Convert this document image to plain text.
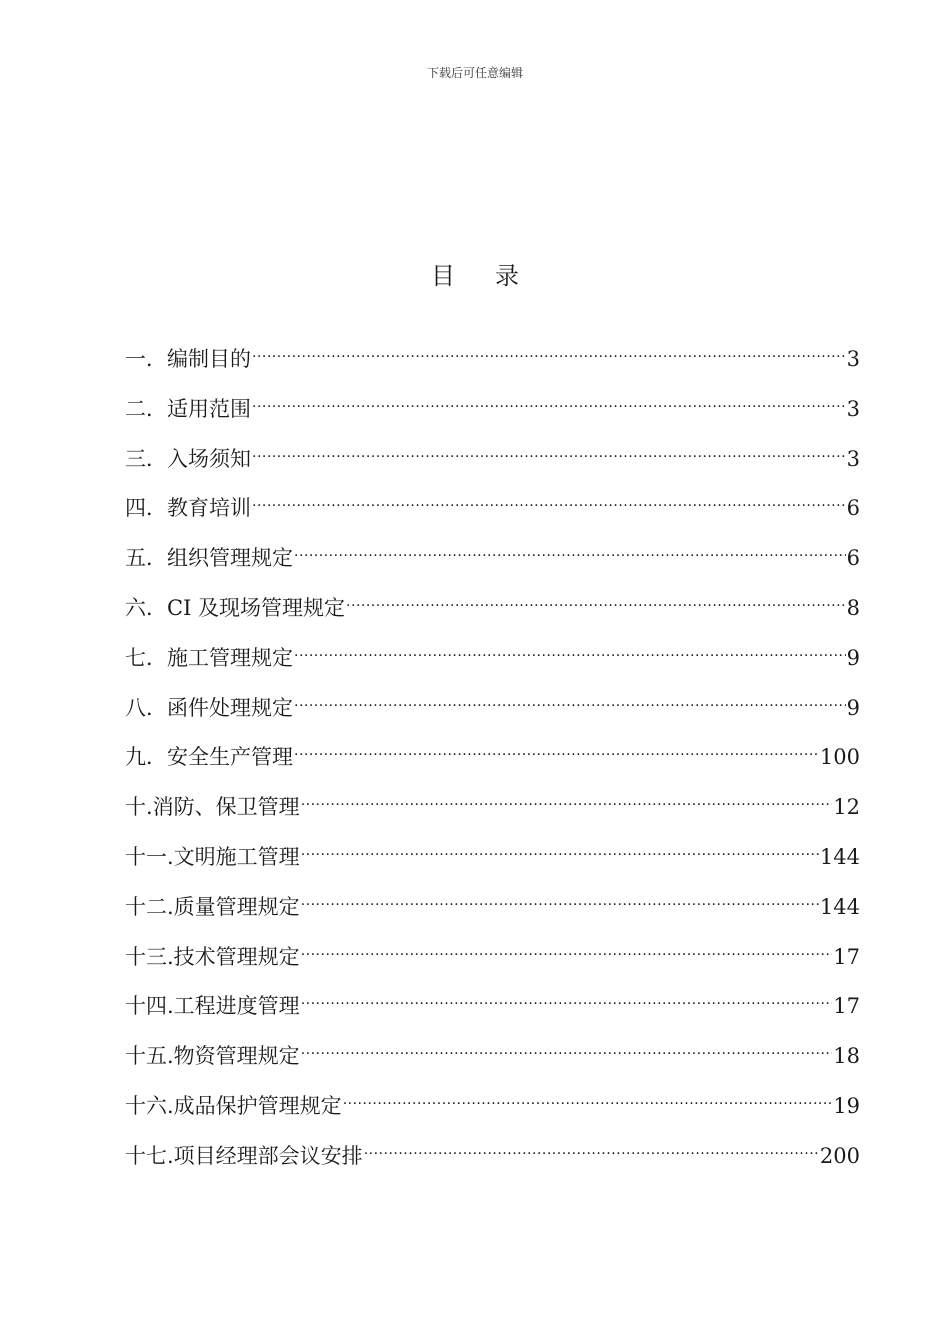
下载后可任意编辑
目 录
一．编制目的 .....	3
二．适用范围 .....	3
三．入场须知 .....	3
四．教育培训 .....	6
五．组织管理规定 .....	6
六．CI 及现场管理规定 .....	8
七．施工管理规定 .....	9
八．函件处理规定 .....	9
九．安全生产管理 .....	100
十.消防、保卫管理 .....	12
十一.文明施工管理 .....	144
十二.质量管理规定 .....	144
十三.技术管理规定 .....	17
十四.工程进度管理 .....	17
十五.物资管理规定 .....	18
十六.成品保护管理规定 .....	19
十七.项目经理部会议安排 .....	200
